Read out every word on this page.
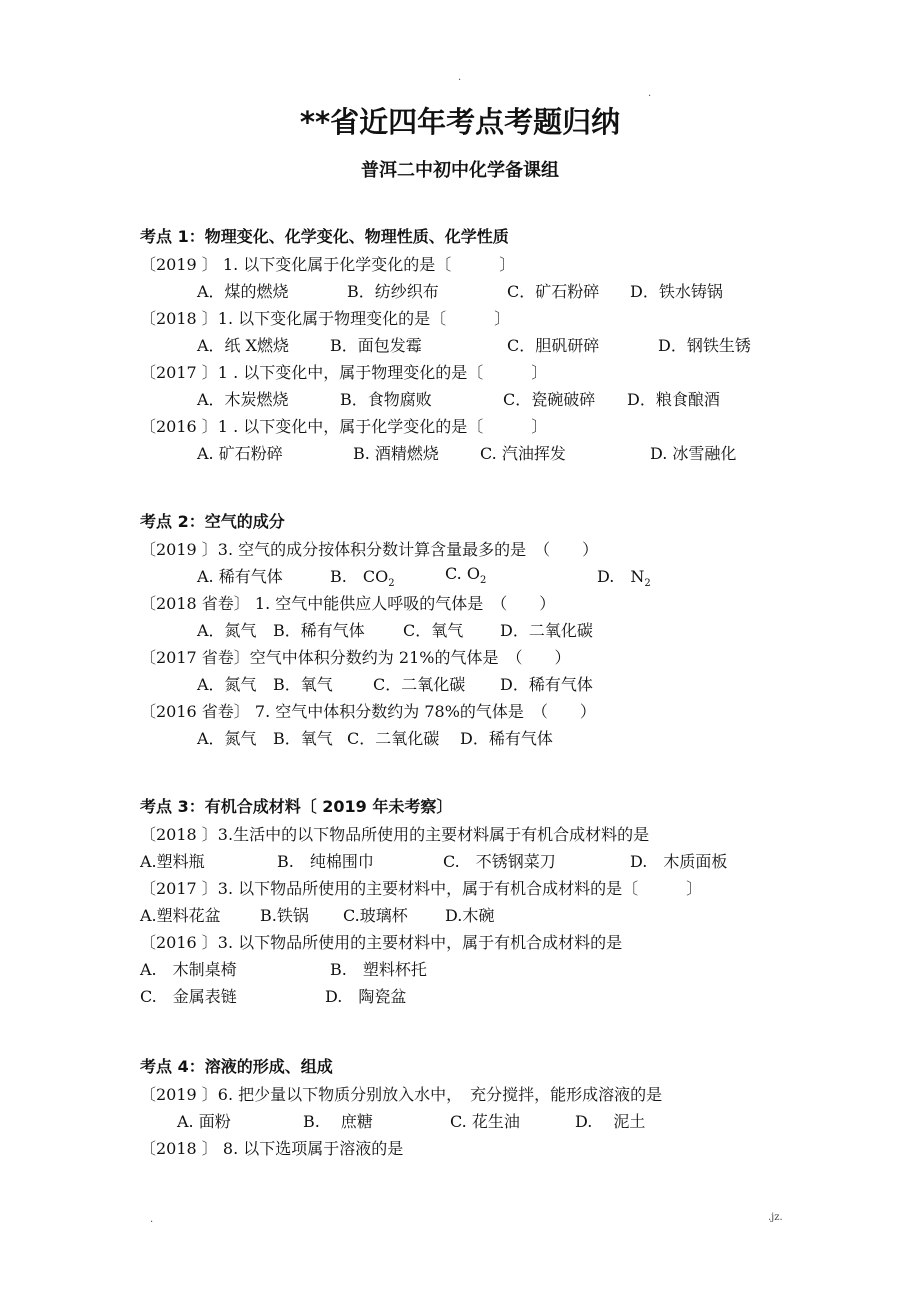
.
.
**省近四年考点考题归纳
普洱二中初中化学备课组
考点 1：物理变化、化学变化、物理性质、化学性质
〔2019 〕 1. 以下变化属于化学变化的是〔　　　〕
A．煤的燃烧	B．纺纱织布	C．矿石粉碎 D．铁水铸锅
〔2018 〕1. 以下变化属于物理变化的是〔　　　〕
A．纸 X燃烧	B．面包发霉	C．胆矾研碎	D．钢铁生锈
〔2017 〕1 . 以下变化中，属于物理变化的是〔　　　〕
A．木炭燃烧	B．食物腐败	C．瓷碗破碎 D．粮食酿酒
〔2016 〕1 . 以下变化中，属于化学变化的是〔　　　〕
A. 矿石粉碎	B. 酒精燃烧	C. 汽油挥发	D. 冰雪融化
考点 2：空气的成分
〔2019 〕3. 空气的成分按体积分数计算含量最多的是　（　　）
A. 稀有气体	B.　$CO_2$
C. $O_2$	D.　$N_2$
〔2018 省卷〕 1. 空气中能供应人呼吸的气体是　（　　）
A．氮气 B．稀有气体 C．氧气 D．二氧化碳
〔2017 省卷〕空气中体积分数约为 21%的气体是　（　　）
A．氮气 B．氧气	C．二氧化碳 D．稀有气体
〔2016 省卷〕 7. 空气中体积分数约为 78%的气体是　（　　）
A．氮气 B．氧气 C．二氧化碳 D．稀有气体
考点 3：有机合成材料〔 2019 年未考察〕
〔2018 〕3.生活中的以下物品所使用的主要材料属于有机合成材料的是
A.塑料瓶	B.　纯棉围巾	C.　不锈钢菜刀	D.　木质面板
〔2017 〕3. 以下物品所使用的主要材料中，属于有机合成材料的是〔　　　〕
A.塑料花盆 B.铁锅 C.玻璃杯 D.木碗
〔2016 〕3. 以下物品所使用的主要材料中，属于有机合成材料的是
A.　木制桌椅	B.　塑料杯托
C.　金属表链	D.　陶瓷盆
考点 4：溶液的形成、组成
〔2019 〕6. 把少量以下物质分别放入水中，　充分搅拌，能形成溶液的是
A. 面粉	B.　 庶糖	C. 花生油	D.　 泥土
〔2018 〕 8. 以下选项属于溶液的是
.	.jz.
